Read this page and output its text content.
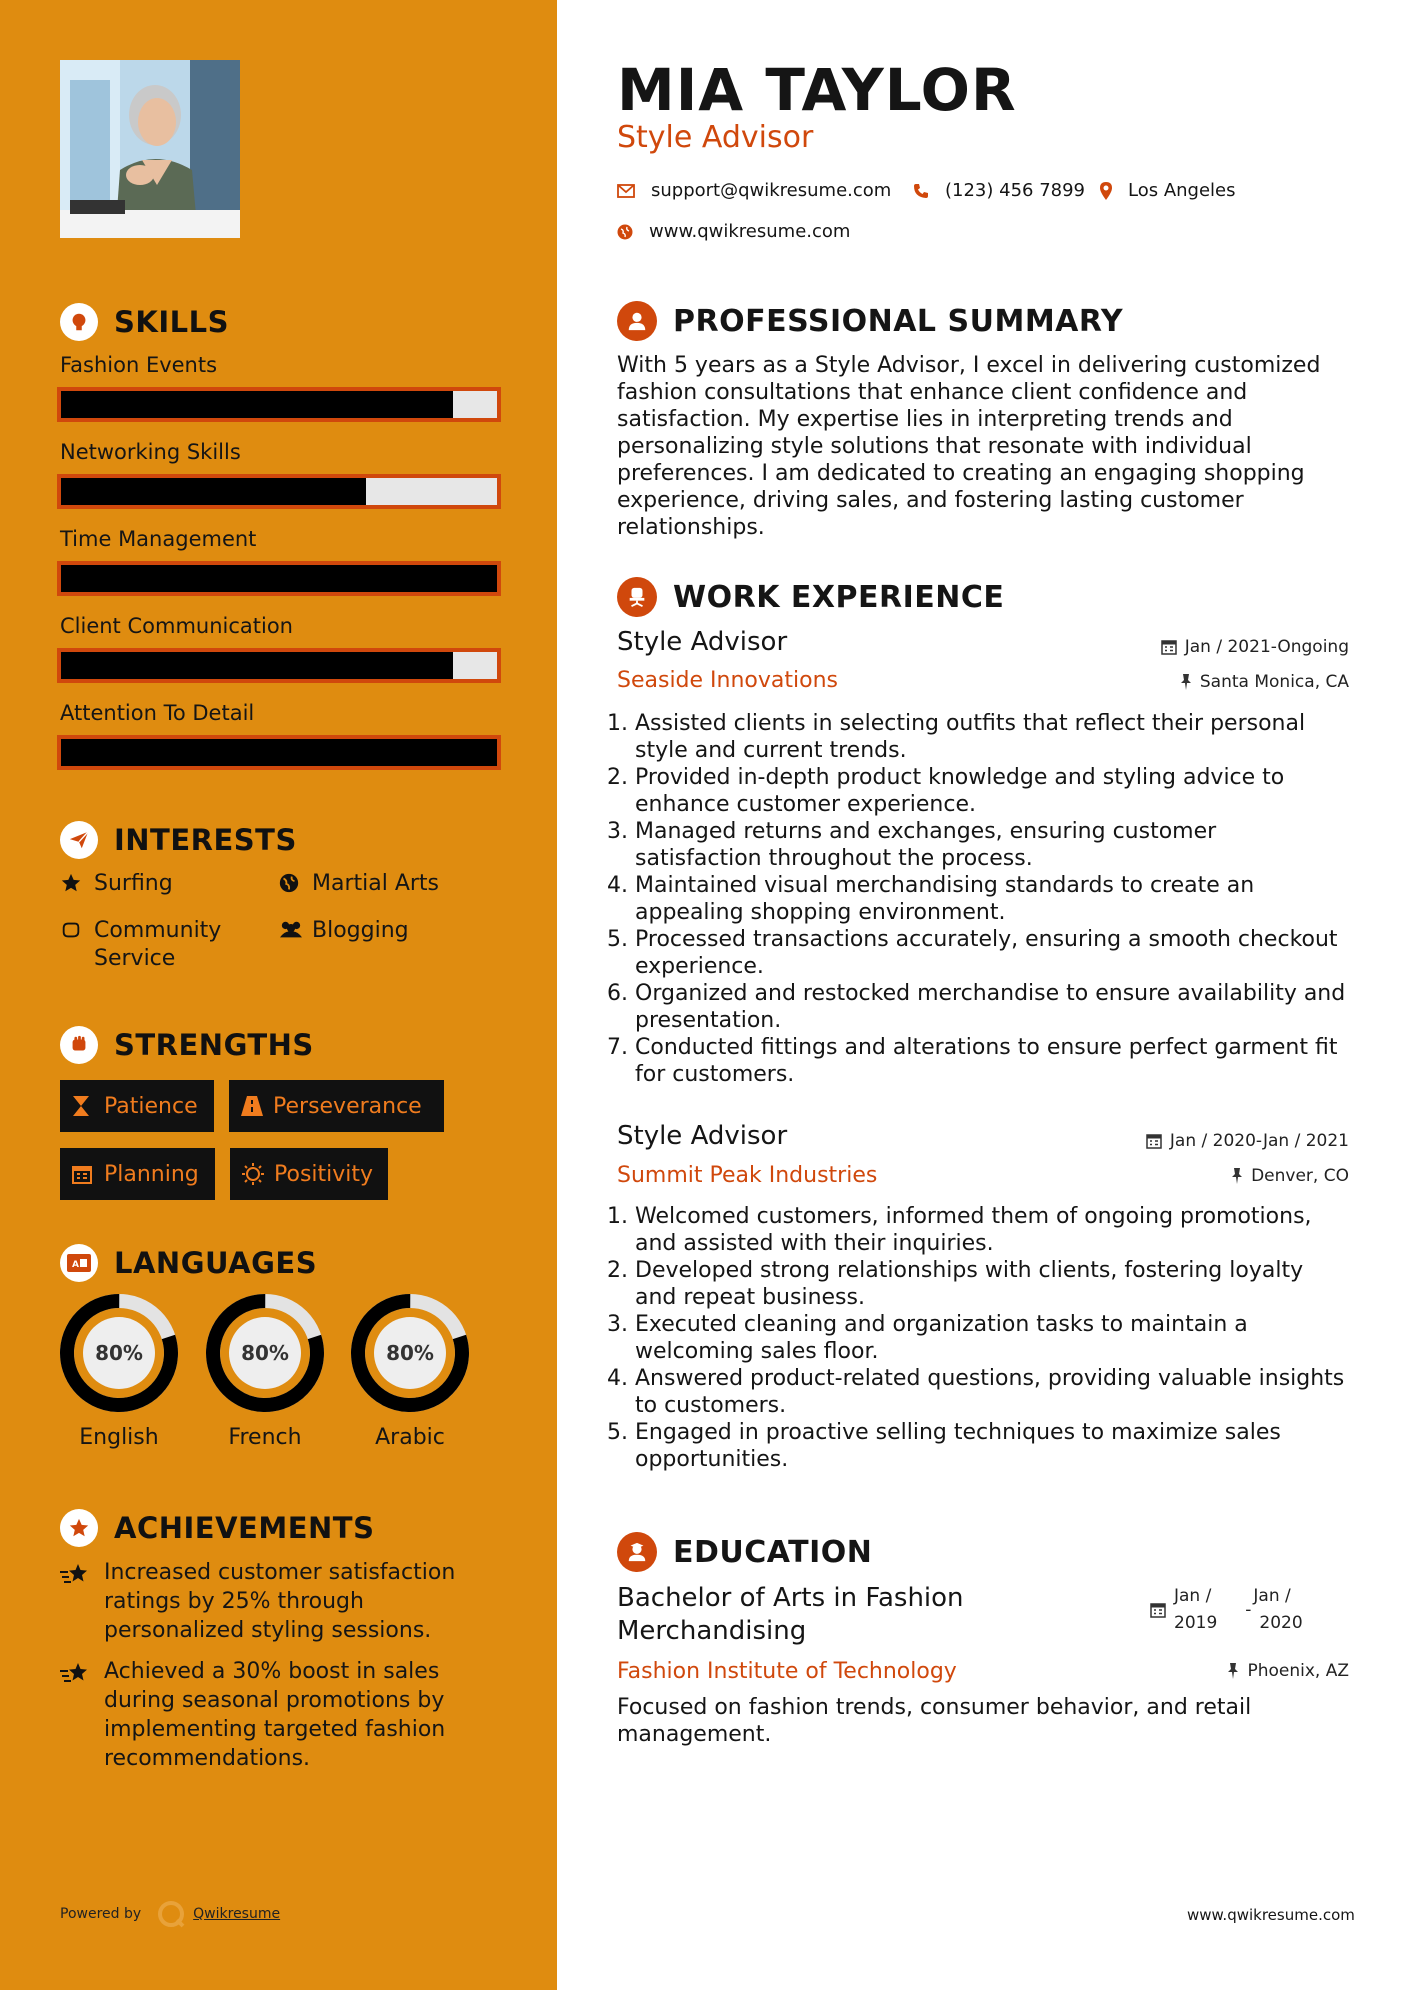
SKILLS
Fashion Events
Networking Skills
Time Management
Client Communication
Attention To Detail
INTERESTS
Surfing	Martial Arts
Community
Service
Blogging
STRENGTHS
Patience	Perseverance
Planning	Positivity
A LANGUAGES
80%
English
80%
French
80%
Arabic
ACHIEVEMENTS
Increased customer satisfaction ratings by 25% through personalized styling sessions.
Achieved a 30% boost in sales during seasonal promotions by implementing targeted fashion recommendations.
Powered by	Qwikresume
MIA TAYLOR
Style Advisor
support@qwikresume.com	(123) 456 7899 Los Angeles
www.qwikresume.com
PROFESSIONAL SUMMARY
With 5 years as a Style Advisor, I excel in delivering customized fashion consultations that enhance client confidence and satisfaction. My expertise lies in interpreting trends and personalizing style solutions that resonate with individual preferences. I am dedicated to creating an engaging shopping experience, driving sales, and fostering lasting customer relationships.
WORK EXPERIENCE
Style Advisor	Jan / 2021-Ongoing
Seaside Innovations	Santa Monica, CA
1. Assisted clients in selecting outfits that reflect their personal style and current trends.
2. Provided in-depth product knowledge and styling advice to enhance customer experience.
3. Managed returns and exchanges, ensuring customer satisfaction throughout the process.
4. Maintained visual merchandising standards to create an appealing shopping environment.
5. Processed transactions accurately, ensuring a smooth checkout experience.
6. Organized and restocked merchandise to ensure availability and presentation.
7. Conducted fittings and alterations to ensure perfect garment fit for customers.
Style Advisor	Jan / 2020-Jan / 2021
Summit Peak Industries	Denver, CO
1. Welcomed customers, informed them of ongoing promotions, and assisted with their inquiries.
2. Developed strong relationships with clients, fostering loyalty and repeat business.
3. Executed cleaning and organization tasks to maintain a welcoming sales floor.
4. Answered product-related questions, providing valuable insights to customers.
5. Engaged in proactive selling techniques to maximize sales opportunities.
EDUCATION
Bachelor of Arts in Fashion Merchandising
Jan /
2019
-
Jan /
2020
Fashion Institute of Technology	Phoenix, AZ
Focused on fashion trends, consumer behavior, and retail management.
www.qwikresume.com
